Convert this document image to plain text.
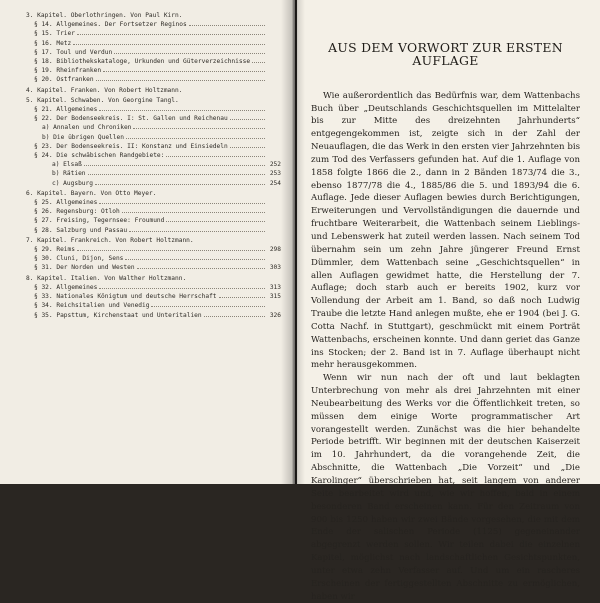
3. Kapitel. Oberlothringen. Von Paul Kirn.
§ 14. Allgemeines. Der Fortsetzer Reginos
§ 15. Trier
§ 16. Metz
§ 17. Toul und Verdun
§ 18. Bibliothekskataloge, Urkunden und Güterverzeichnisse
§ 19. Rheinfranken
§ 20. Ostfranken
4. Kapitel. Franken. Von Robert Holtzmann.
5. Kapitel. Schwaben. Von Georgine Tangl.
§ 21. Allgemeines
§ 22. Der Bodenseekreis. I: St. Gallen und Reichenau
a) Annalen und Chroniken
b) Die übrigen Quellen
§ 23. Der Bodenseekreis. II: Konstanz und Einsiedeln
§ 24. Die schwäbischen Randgebiete:
a) Elsaß	252
b) Rätien	253
c) Augsburg	254
6. Kapitel. Bayern. Von Otto Meyer.
§ 25. Allgemeines
§ 26. Regensburg: Otloh
§ 27. Freising, Tegernsee: Froumund
§ 28. Salzburg und Passau
7. Kapitel. Frankreich. Von Robert Holtzmann.
§ 29. Reims	298
§ 30. Cluni, Dijon, Sens
§ 31. Der Norden und Westen	303
8. Kapitel. Italien. Von Walther Holtzmann.
§ 32. Allgemeines	313
§ 33. Nationales Königtum und deutsche Herrschaft	315
§ 34. Reichsitalien und Venedig
§ 35. Papsttum, Kirchenstaat und Unteritalien	326
AUS DEM VORWORT ZUR ERSTEN AUFLAGE

Wie außerordentlich das Bedürfnis war, dem Wattenbachs Buch über „Deutschlands Geschichtsquellen im Mittelalter bis zur Mitte des dreizehnten Jahrhunderts“ entgegengekommen ist, zeigte sich in der Zahl der Neuauflagen, die das Werk in den ersten vier Jahrzehnten bis zum Tod des Verfassers gefunden hat. Auf die 1. Auflage von 1858 folgte 1866 die 2., dann in 2 Bänden 1873/74 die 3., ebenso 1877/78 die 4., 1885/86 die 5. und 1893/94 die 6. Auflage. Jede dieser Auflagen bewies durch Berichtigungen, Erweiterungen und Vervollständigungen die dauernde und fruchtbare Weiterarbeit, die Wattenbach seinem Lieblings- und Lebenswerk hat zuteil werden lassen. Nach seinem Tod übernahm sein um zehn Jahre jüngerer Freund Ernst Dümmler, dem Wattenbach seine „Geschichtsquellen“ in allen Auflagen gewidmet hatte, die Herstellung der 7. Auflage; doch starb auch er bereits 1902, kurz vor Vollendung der Arbeit am 1. Band, so daß noch Ludwig Traube die letzte Hand anlegen mußte, ehe er 1904 (bei J. G. Cotta Nachf. in Stuttgart), geschmückt mit einem Porträt Wattenbachs, erscheinen konnte. Und dann geriet das Ganze ins Stocken; der 2. Band ist in 7. Auflage überhaupt nicht mehr herausgekommen.

Wenn wir nun nach der oft und laut beklagten Unterbrechung von mehr als drei Jahrzehnten mit einer Neubearbeitung des Werks vor die Öffentlichkeit treten, so müssen dem einige Worte programmatischer Art vorangestellt werden. Zunächst was die hier behandelte Periode betrifft. Wir beginnen mit der deutschen Kaiserzeit im 10. Jahrhundert, da die vorangehende Zeit, die Abschnitte, die Wattenbach „Die Vorzeit“ und „Die Karolinger“ überschrieben hat, seit langem von anderer Seite bearbeitet wird und, wie wir hoffen, bald in einem besonderen Band erscheinen kann. Für den Zeitraum von 900 bis 1250 haben wir zwei Bände vorgesehen, die mit dem Ende der salischen Periode (1125) gegeneinander abgegrenzt werden sollen. Wir teilen dabei die einzelnen Kapitel, möglichst nach landschaftlichen Gesichtspunkten, unter etwa zehn Verfasser auf. Und um ein rascheres Erscheinen der fertiggestellten Abschnitte zu ermöglichen, haben wir
